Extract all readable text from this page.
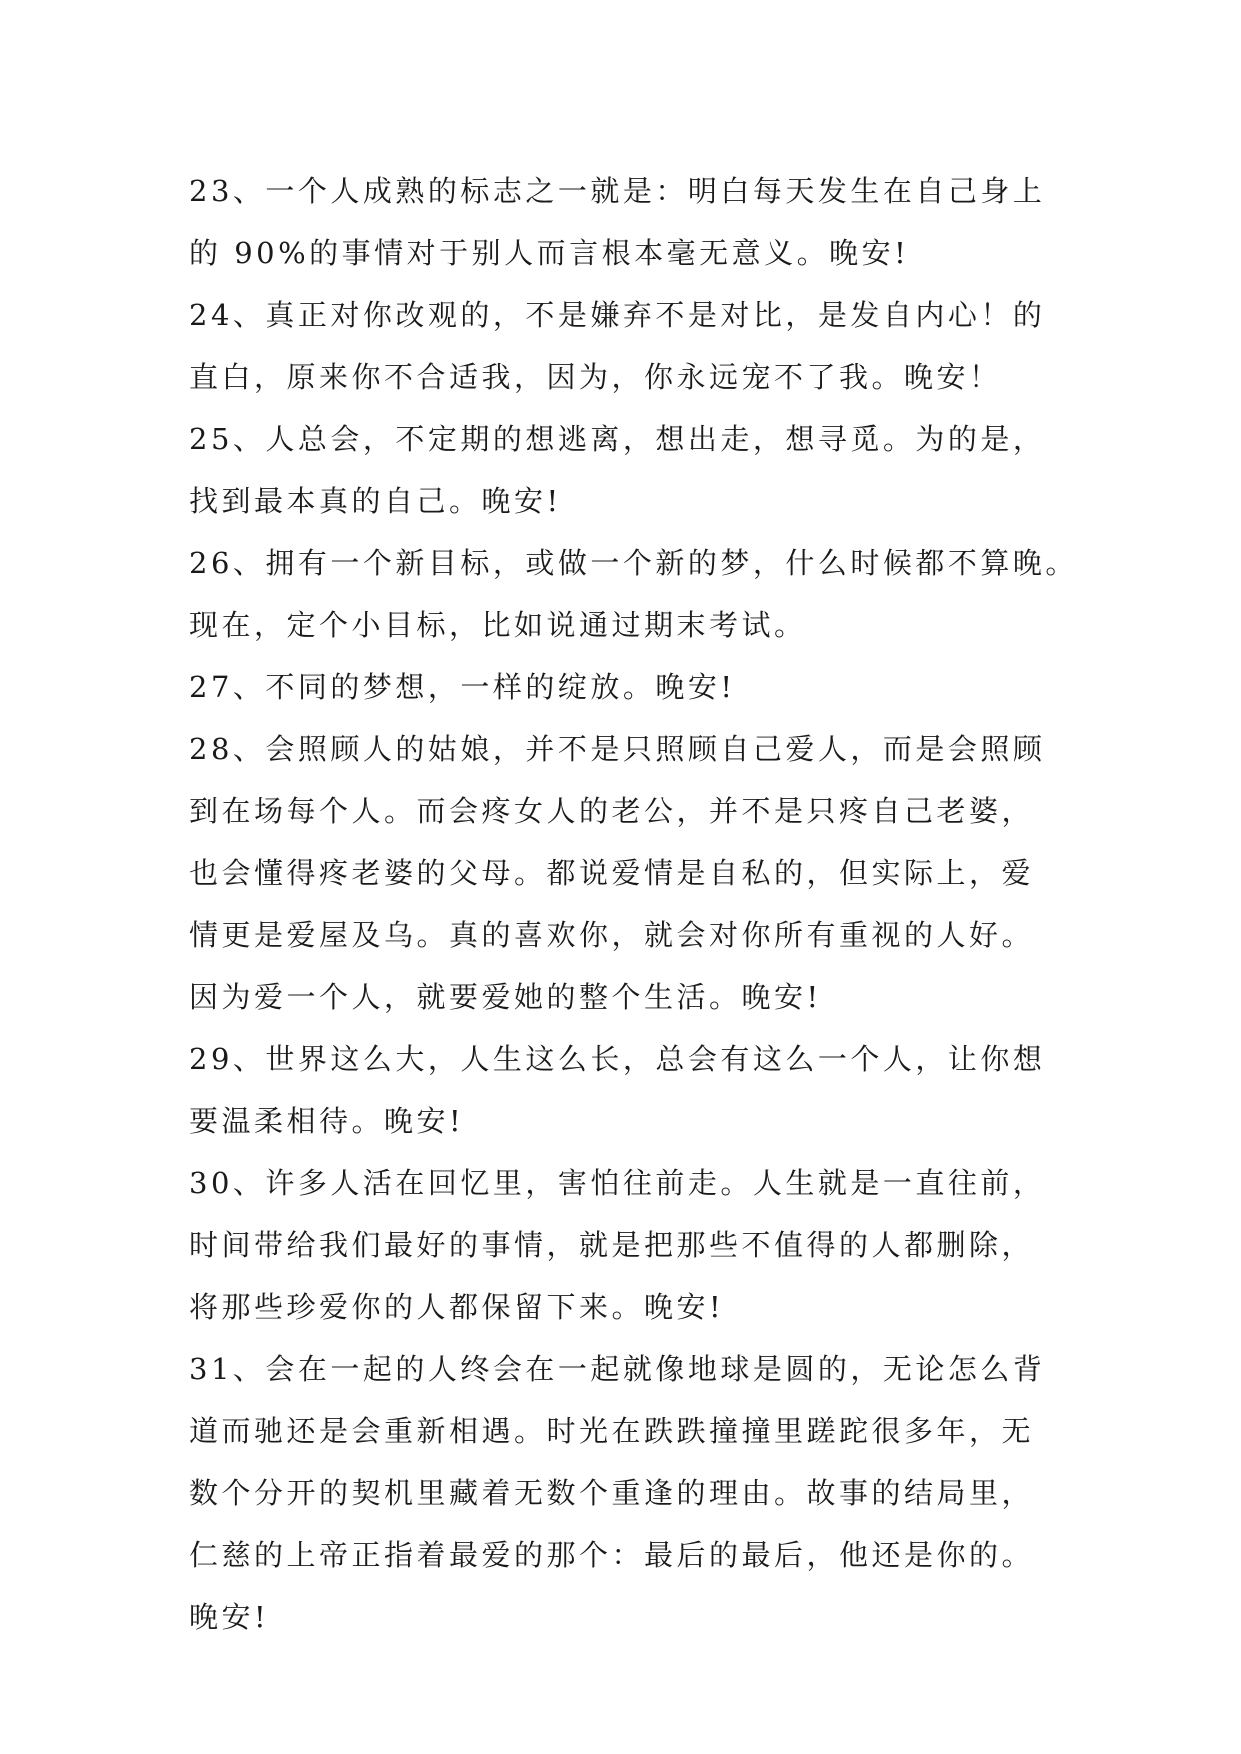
23、一个人成熟的标志之一就是：明白每天发生在自己身上
的 90%的事情对于别人而言根本毫无意义。晚安!
24、真正对你改观的，不是嫌弃不是对比，是发自内心！的
直白，原来你不合适我，因为，你永远宠不了我。晚安！
25、人总会，不定期的想逃离，想出走，想寻觅。为的是，
找到最本真的自己。晚安!
26、拥有一个新目标，或做一个新的梦，什么时候都不算晚。
现在，定个小目标，比如说通过期末考试。
27、不同的梦想，一样的绽放。晚安!
28、会照顾人的姑娘，并不是只照顾自己爱人，而是会照顾
到在场每个人。而会疼女人的老公，并不是只疼自己老婆，
也会懂得疼老婆的父母。都说爱情是自私的，但实际上，爱
情更是爱屋及乌。真的喜欢你，就会对你所有重视的人好。
因为爱一个人，就要爱她的整个生活。晚安!
29、世界这么大，人生这么长，总会有这么一个人，让你想
要温柔相待。晚安!
30、许多人活在回忆里，害怕往前走。人生就是一直往前，
时间带给我们最好的事情，就是把那些不值得的人都删除，
将那些珍爱你的人都保留下来。晚安!
31、会在一起的人终会在一起就像地球是圆的，无论怎么背
道而驰还是会重新相遇。时光在跌跌撞撞里蹉跎很多年，无
数个分开的契机里藏着无数个重逢的理由。故事的结局里，
仁慈的上帝正指着最爱的那个：最后的最后，他还是你的。
晚安!
